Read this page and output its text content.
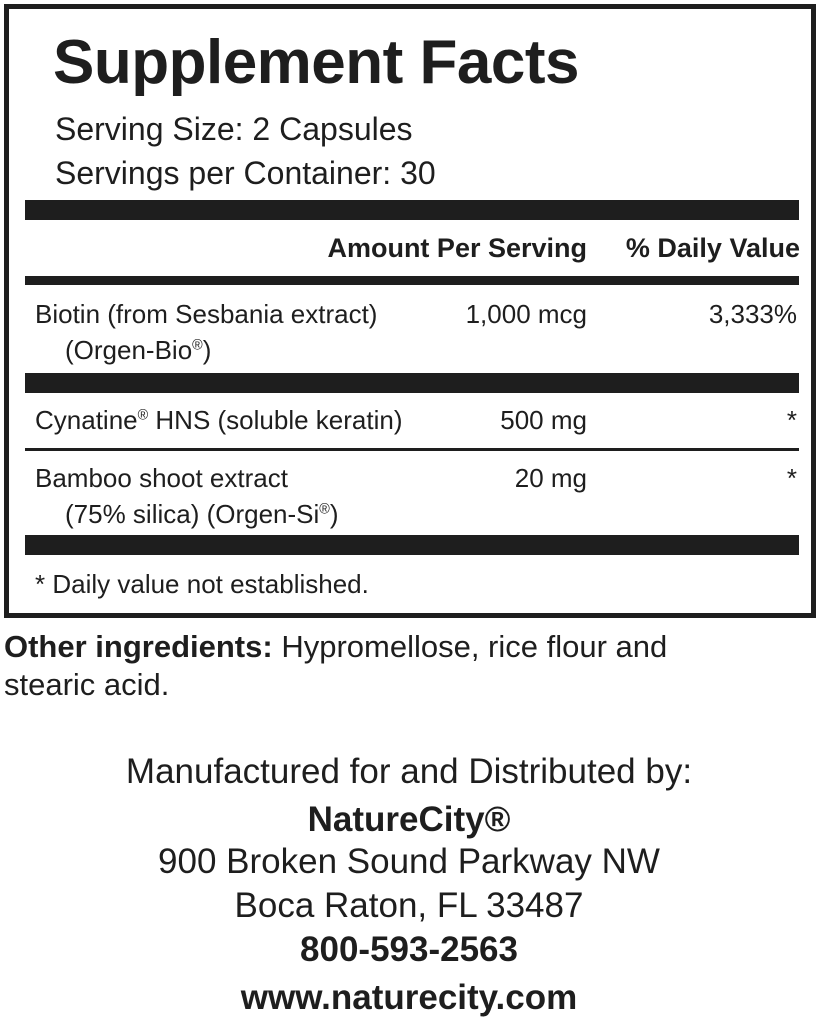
Supplement Facts
Serving Size: 2 Capsules
Servings per Container: 30
Amount Per Serving % Daily Value
Biotin (from Sesbania extract)
(Orgen-Bio®)
1,000 mcg	3,333%
Cynatine® HNS (soluble keratin)	500 mg	*
Bamboo shoot extract
(75% silica) (Orgen-Si®)
20 mg	*
* Daily value not established.
Other ingredients: Hypromellose, rice flour and stearic acid.
Manufactured for and Distributed by:
NatureCity®
900 Broken Sound Parkway NW
Boca Raton, FL 33487
800-593-2563
www.naturecity.com
